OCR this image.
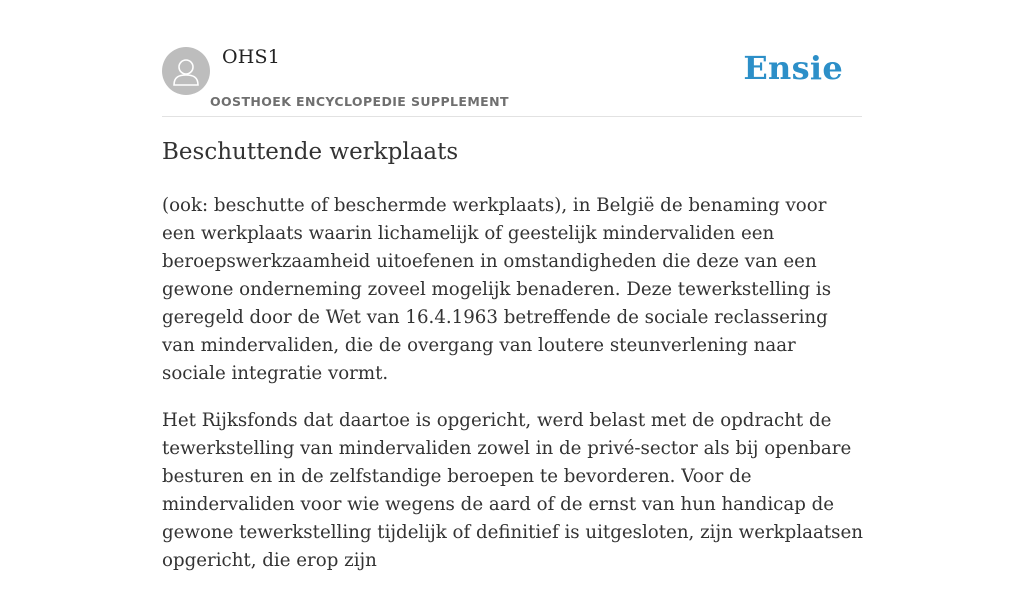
OHS1
OOSTHOEK ENCYCLOPEDIE SUPPLEMENT
Ensie
Beschuttende werkplaats

(ook: beschutte of beschermde werkplaats), in België de benaming voor een werkplaats waarin lichamelijk of geestelijk mindervaliden een beroepswerkzaamheid uitoefenen in omstandigheden die deze van een gewone onderneming zoveel mogelijk benaderen. Deze tewerkstelling is geregeld door de Wet van 16.4.1963 betreffende de sociale reclassering van mindervaliden, die de overgang van loutere steunverlening naar sociale integratie vormt.

Het Rijksfonds dat daartoe is opgericht, werd belast met de opdracht de tewerkstelling van mindervaliden zowel in de privé-sector als bij openbare besturen en in de zelfstandige beroepen te bevorderen. Voor de mindervaliden voor wie wegens de aard of de ernst van hun handicap de gewone tewerkstelling tijdelijk of definitief is uitgesloten, zijn werkplaatsen opgericht, die erop zijn
